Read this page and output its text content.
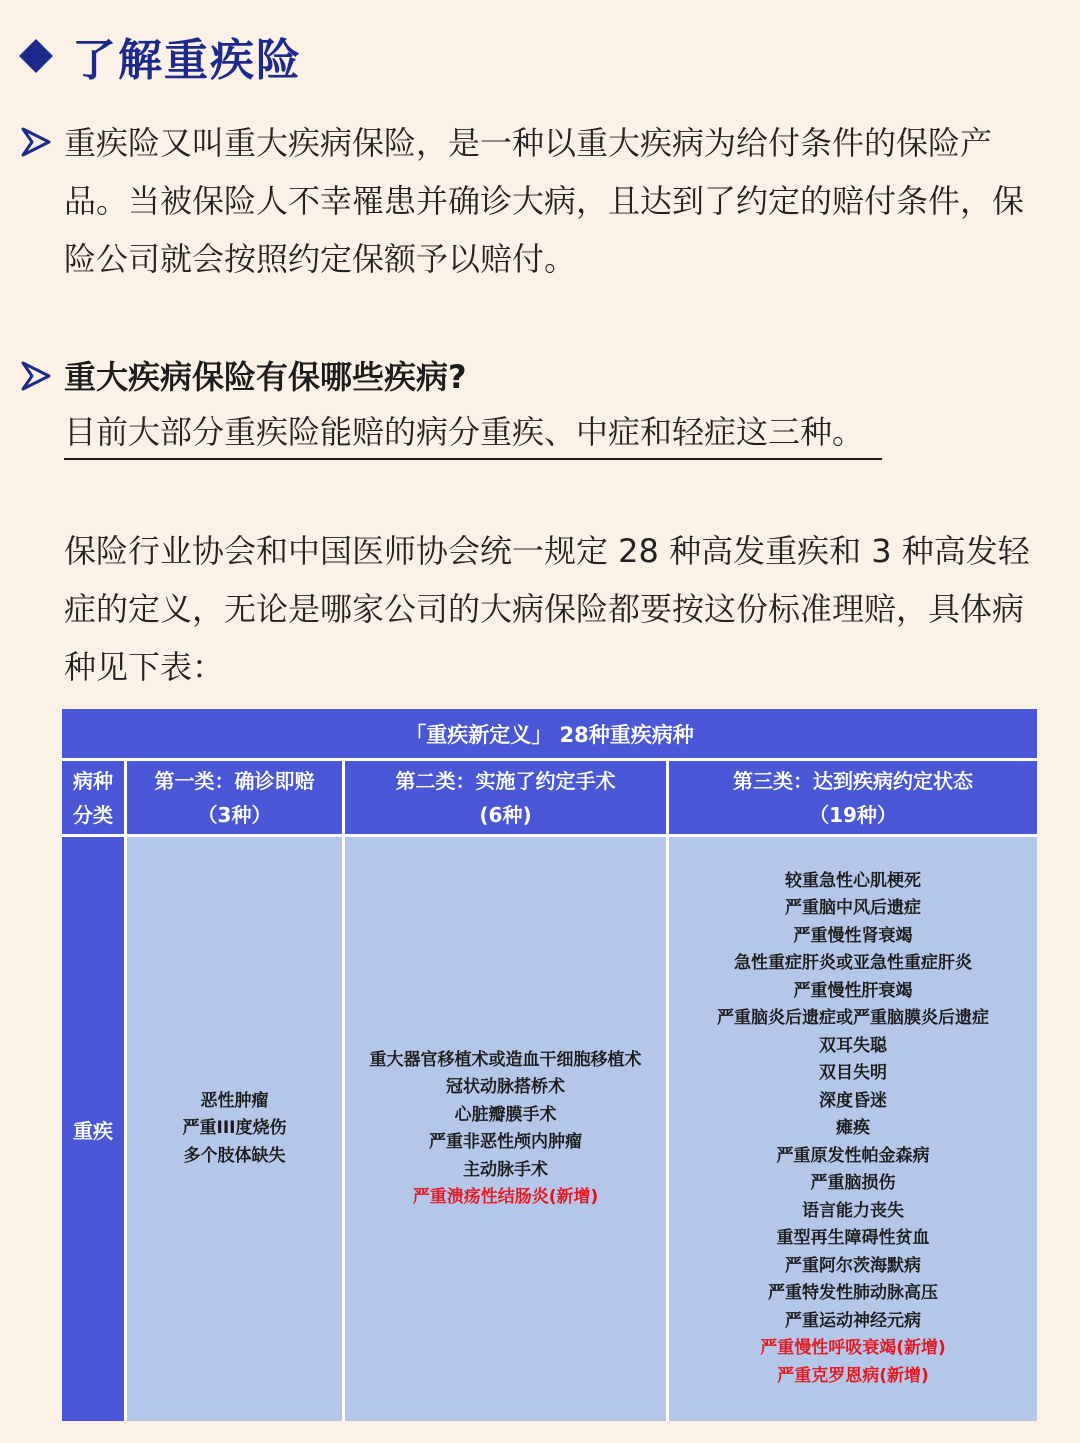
了解重疾险
重疾险又叫重大疾病保险，是一种以重大疾病为给付条件的保险产品。当被保险人不幸罹患并确诊大病，且达到了约定的赔付条件，保险公司就会按照约定保额予以赔付。
重大疾病保险有保哪些疾病?
目前大部分重疾险能赔的病分重疾、中症和轻症这三种。
保险行业协会和中国医师协会统一规定 28 种高发重疾和 3 种高发轻症的定义，无论是哪家公司的大病保险都要按这份标准理赔，具体病种见下表：
「重疾新定义」 28种重疾病种
病种
分类
第一类：确诊即赔
（3种）
第二类：实施了约定手术
(6种)
第三类：达到疾病约定状态
（19种）
重疾
恶性肿瘤
严重III度烧伤
多个肢体缺失
重大器官移植术或造血干细胞移植术
冠状动脉搭桥术
心脏瓣膜手术
严重非恶性颅内肿瘤
主动脉手术
严重溃疡性结肠炎(新增)
较重急性心肌梗死
严重脑中风后遗症
严重慢性肾衰竭
急性重症肝炎或亚急性重症肝炎
严重慢性肝衰竭
严重脑炎后遗症或严重脑膜炎后遗症
双耳失聪
双目失明
深度昏迷
瘫痪
严重原发性帕金森病
严重脑损伤
语言能力丧失
重型再生障碍性贫血
严重阿尔茨海默病
严重特发性肺动脉高压
严重运动神经元病
严重慢性呼吸衰竭(新增)
严重克罗恩病(新增)
